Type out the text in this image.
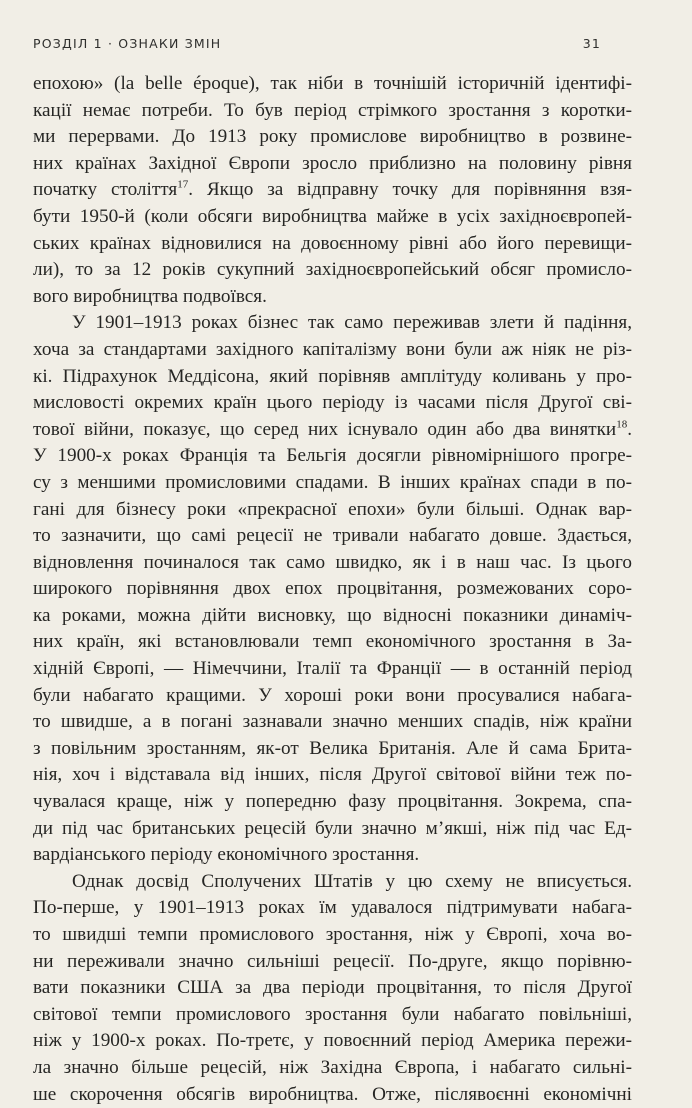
РОЗДІЛ 1 · ОЗНАКИ ЗМІН	31
епохою» (la belle époque), так ніби в точнішій історичній ідентифі-
кації немає потреби. То був період стрімкого зростання з коротки-
ми перервами. До 1913 року промислове виробництво в розвине-
них країнах Західної Європи зросло приблизно на половину рівня
початку століття$^{17}$. Якщо за відправну точку для порівняння взя-
бути 1950-й (коли обсяги виробництва майже в усіх західноєвропей-
ських країнах відновилися на довоєнному рівні або його перевищи-
ли), то за 12 років сукупний західноєвропейський обсяг промисло-
вого виробництва подвоївся.
У 1901–1913 роках бізнес так само переживав злети й падіння,
хоча за стандартами західного капіталізму вони були аж ніяк не різ-
кі. Підрахунок Меддісона, який порівняв амплітуду коливань у про-
мисловості окремих країн цього періоду із часами після Другої сві-
тової війни, показує, що серед них існувало один або два винятки$^{18}$.
У 1900-х роках Франція та Бельгія досягли рівномірнішого прогре-
су з меншими промисловими спадами. В інших країнах спади в по-
гані для бізнесу роки «прекрасної епохи» були більші. Однак вар-
то зазначити, що самі рецесії не тривали набагато довше. Здається,
відновлення починалося так само швидко, як і в наш час. Із цього
широкого порівняння двох епох процвітання, розмежованих соро-
ка роками, можна дійти висновку, що відносні показники динаміч-
них країн, які встановлювали темп економічного зростання в За-
хідній Європі, — Німеччини, Італії та Франції — в останній період
були набагато кращими. У хороші роки вони просувалися набага-
то швидше, а в погані зазнавали значно менших спадів, ніж країни
з повільним зростанням, як-от Велика Британія. Але й сама Брита-
нія, хоч і відставала від інших, після Другої світової війни теж по-
чувалася краще, ніж у попередню фазу процвітання. Зокрема, спа-
ди під час британських рецесій були значно м’якші, ніж під час Ед-
вардіанського періоду економічного зростання.
Однак досвід Сполучених Штатів у цю схему не вписується.
По-перше, у 1901–1913 роках їм удавалося підтримувати набага-
то швидші темпи промислового зростання, ніж у Європі, хоча во-
ни переживали значно сильніші рецесії. По-друге, якщо порівню-
вати показники США за два періоди процвітання, то після Другої
світової темпи промислового зростання були набагато повільніші,
ніж у 1900-х роках. По-третє, у повоєнний період Америка пережи-
ла значно більше рецесій, ніж Західна Європа, і набагато сильні-
ше скорочення обсягів виробництва. Отже, післявоєнні економічні
